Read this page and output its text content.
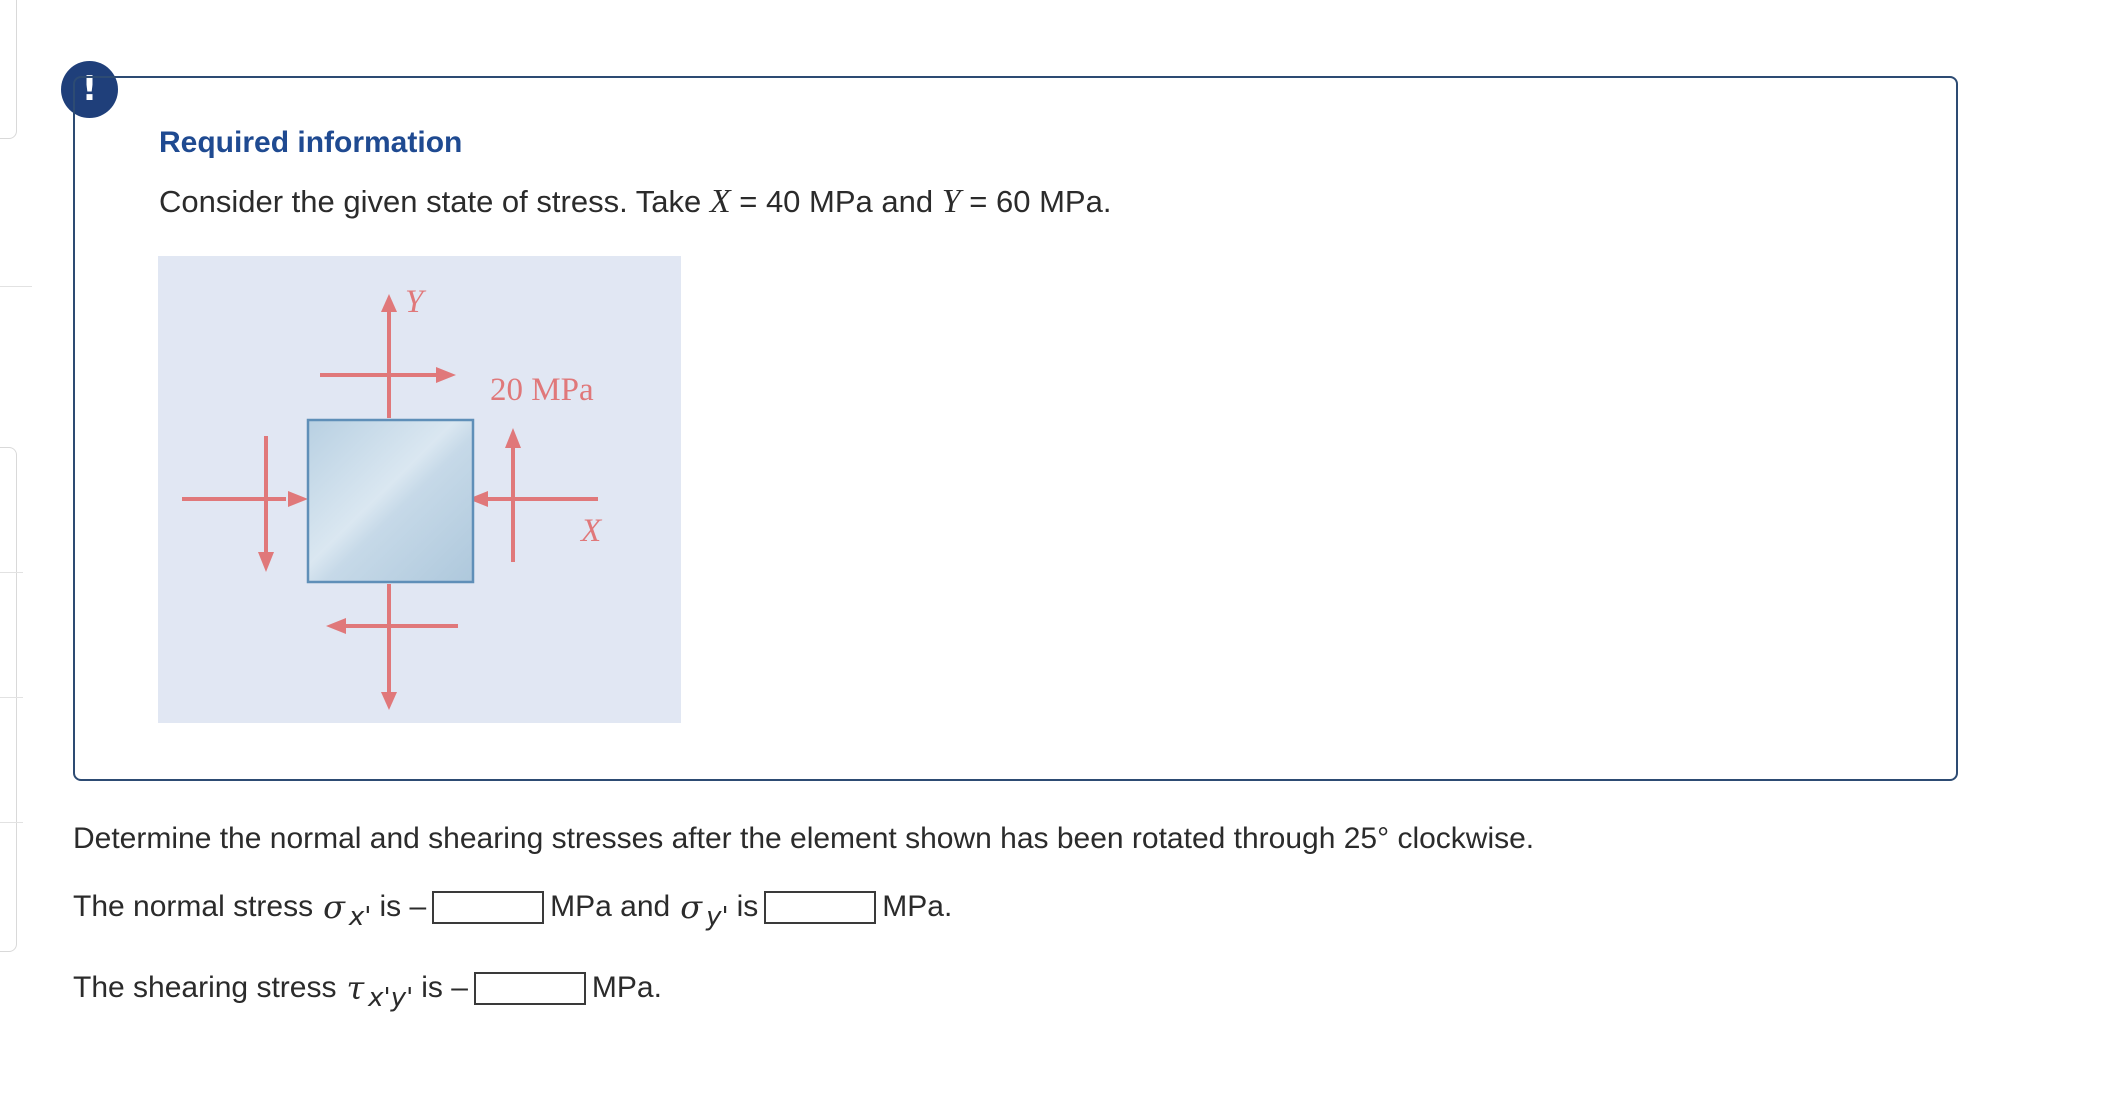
!
Required information
Consider the given state of stress. Take X = 40 MPa and Y = 60 MPa.
Y
20 MPa
X
Determine the normal and shearing stresses after the element shown has been rotated through 25° clockwise.
The normal stress σ x' is –	MPa and σ y' is	MPa.
The shearing stress τ x'y' is –	MPa.
